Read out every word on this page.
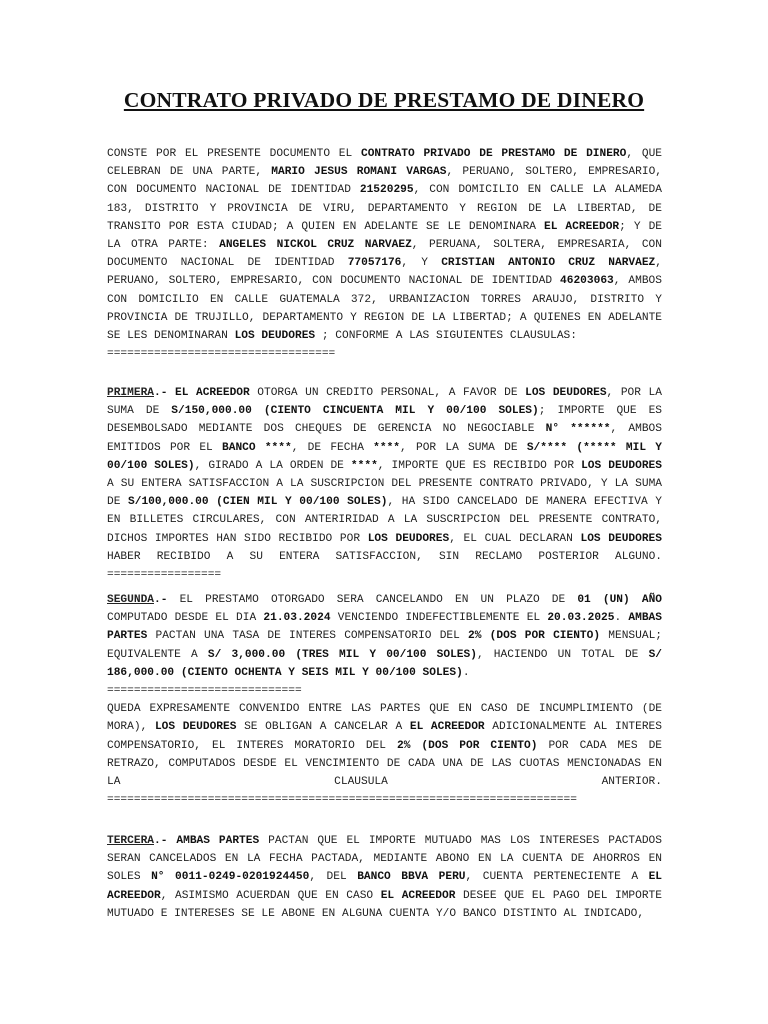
CONTRATO PRIVADO DE PRESTAMO DE DINERO

CONSTE POR EL PRESENTE DOCUMENTO EL CONTRATO PRIVADO DE PRESTAMO DE DINERO, QUE CELEBRAN DE UNA PARTE, MARIO JESUS ROMANI VARGAS, PERUANO, SOLTERO, EMPRESARIO, CON DOCUMENTO NACIONAL DE IDENTIDAD 21520295, CON DOMICILIO EN CALLE LA ALAMEDA 183, DISTRITO Y PROVINCIA DE VIRU, DEPARTAMENTO Y REGION DE LA LIBERTAD, DE TRANSITO POR ESTA CIUDAD; A QUIEN EN ADELANTE SE LE DENOMINARA EL ACREEDOR; Y DE LA OTRA PARTE: ANGELES NICKOL CRUZ NARVAEZ, PERUANA, SOLTERA, EMPRESARIA, CON DOCUMENTO NACIONAL DE IDENTIDAD 77057176, Y CRISTIAN ANTONIO CRUZ NARVAEZ, PERUANO, SOLTERO, EMPRESARIO, CON DOCUMENTO NACIONAL DE IDENTIDAD 46203063, AMBOS CON DOMICILIO EN CALLE GUATEMALA 372, URBANIZACION TORRES ARAUJO, DISTRITO Y PROVINCIA DE TRUJILLO, DEPARTAMENTO Y REGION DE LA LIBERTAD; A QUIENES EN ADELANTE SE LES DENOMINARAN LOS DEUDORES ; CONFORME A LAS SIGUIENTES CLAUSULAS:

==================================

PRIMERA.- EL ACREEDOR OTORGA UN CREDITO PERSONAL, A FAVOR DE LOS DEUDORES, POR LA SUMA DE S/150,000.00 (CIENTO CINCUENTA MIL Y 00/100 SOLES); IMPORTE QUE ES DESEMBOLSADO MEDIANTE DOS CHEQUES DE GERENCIA NO NEGOCIABLE N° ******, AMBOS EMITIDOS POR EL BANCO ****, DE FECHA ****, POR LA SUMA DE S/**** (***** MIL Y 00/100 SOLES), GIRADO A LA ORDEN DE ****, IMPORTE QUE ES RECIBIDO POR LOS DEUDORES A SU ENTERA SATISFACCION A LA SUSCRIPCION DEL PRESENTE CONTRATO PRIVADO, Y LA SUMA DE S/100,000.00 (CIEN MIL Y 00/100 SOLES), HA SIDO CANCELADO DE MANERA EFECTIVA Y EN BILLETES CIRCULARES, CON ANTERIRIDAD A LA SUSCRIPCION DEL PRESENTE CONTRATO, DICHOS IMPORTES HAN SIDO RECIBIDO POR LOS DEUDORES, EL CUAL DECLARAN LOS DEUDORES HABER RECIBIDO A SU ENTERA SATISFACCION, SIN RECLAMO POSTERIOR ALGUNO. =================

SEGUNDA.- EL PRESTAMO OTORGADO SERA CANCELANDO EN UN PLAZO DE 01 (UN) AÑO COMPUTADO DESDE EL DIA 21.03.2024 VENCIENDO INDEFECTIBLEMENTE EL 20.03.2025. AMBAS PARTES PACTAN UNA TASA DE INTERES COMPENSATORIO DEL 2% (DOS POR CIENTO) MENSUAL; EQUIVALENTE A S/ 3,000.00 (TRES MIL Y 00/100 SOLES), HACIENDO UN TOTAL DE S/ 186,000.00 (CIENTO OCHENTA Y SEIS MIL Y 00/100 SOLES).

=============================

QUEDA EXPRESAMENTE CONVENIDO ENTRE LAS PARTES QUE EN CASO DE INCUMPLIMIENTO (DE MORA), LOS DEUDORES SE OBLIGAN A CANCELAR A EL ACREEDOR ADICIONALMENTE AL INTERES COMPENSATORIO, EL INTERES MORATORIO DEL 2% (DOS POR CIENTO) POR CADA MES DE RETRAZO, COMPUTADOS DESDE EL VENCIMIENTO DE CADA UNA DE LAS CUOTAS MENCIONADAS EN LA CLAUSULA ANTERIOR.

======================================================================

TERCERA.- AMBAS PARTES PACTAN QUE EL IMPORTE MUTUADO MAS LOS INTERESES PACTADOS SERAN CANCELADOS EN LA FECHA PACTADA, MEDIANTE ABONO EN LA CUENTA DE AHORROS EN SOLES N° 0011-0249-0201924450, DEL BANCO BBVA PERU, CUENTA PERTENECIENTE A EL ACREEDOR, ASIMISMO ACUERDAN QUE EN CASO EL ACREEDOR DESEE QUE EL PAGO DEL IMPORTE MUTUADO E INTERESES SE LE ABONE EN ALGUNA CUENTA Y/O BANCO DISTINTO AL INDICADO,
